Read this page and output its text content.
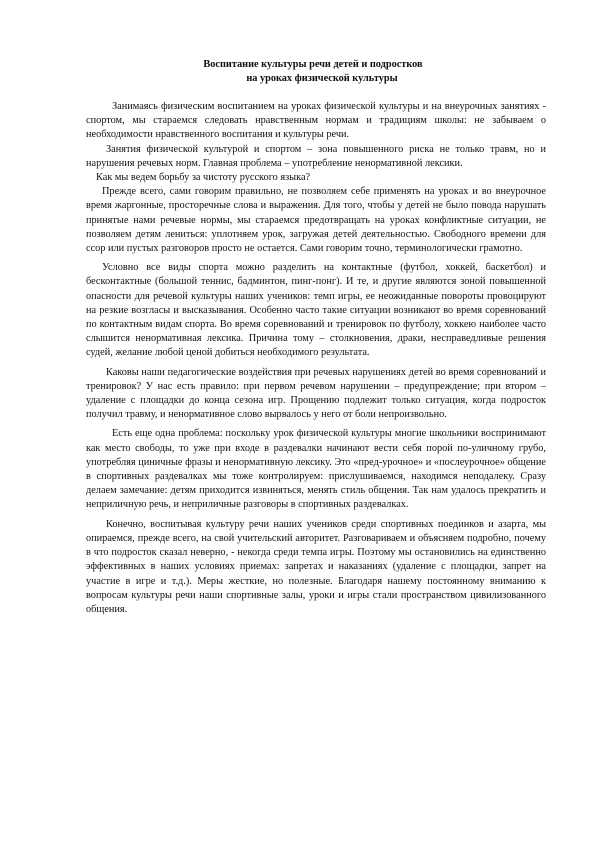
Воспитание культуры речи детей и подростков
на уроках физической культуры

Занимаясь физическим воспитанием на уроках физической культуры и на внеурочных занятиях - спортом, мы стараемся следовать нравственным нормам и традициям школы: не забываем о необходимости нравственного воспитания и культуры речи.

Занятия физической культурой и спортом – зона повышенного риска не только травм, но и нарушения речевых норм. Главная проблема – употребление ненормативной лексики.

Как мы ведем борьбу за чистоту русского языка?

Прежде всего, сами говорим правильно, не позволяем себе применять на уроках и во внеурочное время жаргонные, просторечные слова и выражения. Для того, чтобы у детей не было повода нарушать принятые нами речевые нормы, мы стараемся предотвращать на уроках конфликтные ситуации, не позволяем детям лениться: уплотняем урок, загружая детей деятельностью. Свободного времени для ссор или пустых разговоров просто не остается. Сами говорим точно, терминологически грамотно.

Условно все виды спорта можно разделить на контактные (футбол, хоккей, баскетбол) и бесконтактные (большой теннис, бадминтон, пинг-понг). И те, и другие являются зоной повышенной опасности для речевой культуры наших учеников: темп игры, ее неожиданные повороты провоцируют на резкие возгласы и высказывания. Особенно часто такие ситуации возникают во время соревнований по контактным видам спорта. Во время соревнований и тренировок по футболу, хоккею наиболее часто слышится ненормативная лексика. Причина тому – столкновения, драки, несправедливые решения судей, желание любой ценой добиться необходимого результата.

Каковы наши педагогические воздействия при речевых нарушениях детей во время соревнований и тренировок? У нас есть правило: при первом речевом нарушении – предупреждение; при втором – удаление с площадки до конца сезона игр. Прощению подлежит только ситуация, когда подросток получил травму, и ненормативное слово вырвалось у него от боли непроизвольно.

Есть еще одна проблема: поскольку урок физической культуры многие школьники воспринимают как место свободы, то уже при входе в раздевалки начинают вести себя порой по-уличному грубо, употребляя циничные фразы и ненормативную лексику. Это «пред-урочное» и «послеурочное» общение в спортивных раздевалках мы тоже контролируем: прислушиваемся, находимся неподалеку. Сразу делаем замечание: детям приходится извиняться, менять стиль общения. Так нам удалось прекратить и неприличную речь, и неприличные разговоры в спортивных раздевалках.

Конечно, воспитывая культуру речи наших учеников среди спортивных поединков и азарта, мы опираемся, прежде всего, на свой учительский авторитет. Разговариваем и объясняем подробно, почему в что подросток сказал неверно, - некогда среди темпа игры. Поэтому мы остановились на единственно эффективных в наших условиях приемах: запретах и наказаниях (удаление с площадки, запрет на участие в игре и т.д.). Меры жесткие, но полезные. Благодаря нашему постоянному вниманию к вопросам культуры речи наши спортивные залы, уроки и игры стали пространством цивилизованного общения.
